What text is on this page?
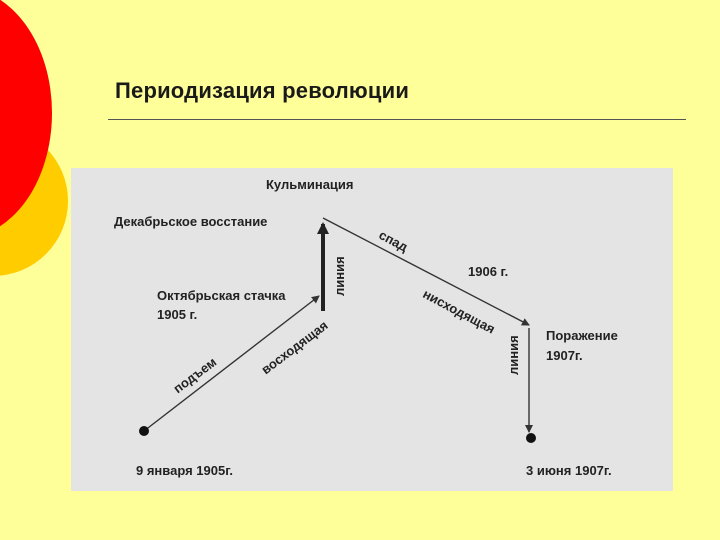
Периодизация революции
Кульминация
Декабрьское восстание
Октябрьская стачка
1905 г.
9 января 1905г.
Поражение
1907г.
3 июня 1907г.
1906 г.
подъем	восходящая
линия
спад
нисходящая
линия
